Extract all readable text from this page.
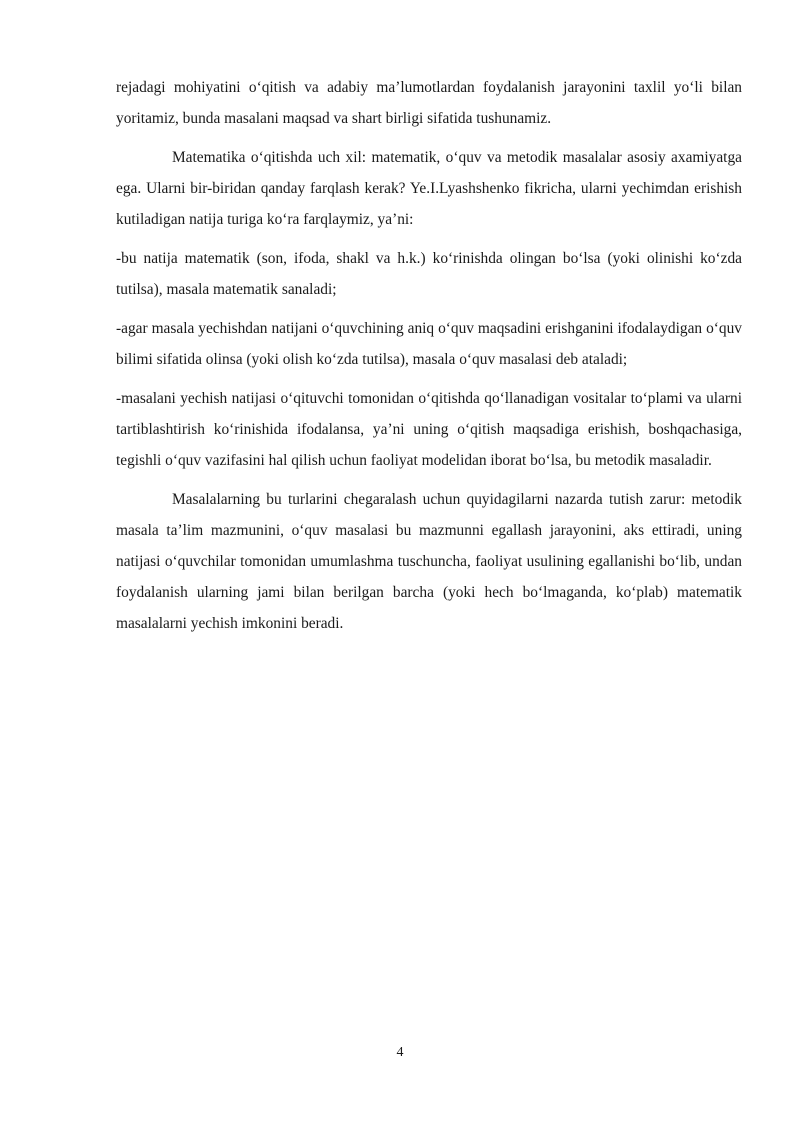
rejadagi mohiyatini oʻqitish va adabiy maʼlumotlardan foydalanish jarayonini taxlil yoʻli bilan yoritamiz, bunda masalani maqsad va shart birligi sifatida tushunamiz.

Matematika oʻqitishda uch xil: matematik, oʻquv va metodik masalalar asosiy axamiyatga ega. Ularni bir-biridan qanday farqlash kerak? Ye.I.Lyashshenko fikricha, ularni yechimdan erishish kutiladigan natija turiga koʻra farqlaymiz, yaʼni:

-bu natija matematik (son, ifoda, shakl va h.k.) koʻrinishda olingan boʻlsa (yoki olinishi koʻzda tutilsa), masala matematik sanaladi;

-agar masala yechishdan natijani oʻquvchining aniq oʻquv maqsadini erishganini ifodalaydigan oʻquv bilimi sifatida olinsa (yoki olish koʻzda tutilsa), masala oʻquv masalasi deb ataladi;

-masalani yechish natijasi oʻqituvchi tomonidan oʻqitishda qoʻllanadigan vositalar toʻplami va ularni tartiblashtirish koʻrinishida ifodalansa, yaʼni uning oʻqitish maqsadiga erishish, boshqachasiga, tegishli oʻquv vazifasini hal qilish uchun faoliyat modelidan iborat boʻlsa, bu metodik masaladir.

Masalalarning bu turlarini chegaralash uchun quyidagilarni nazarda tutish zarur: metodik masala taʼlim mazmunini, oʻquv masalasi bu mazmunni egallash jarayonini, aks ettiradi, uning natijasi oʻquvchilar tomonidan umumlashma tuschuncha, faoliyat usulining egallanishi boʻlib, undan foydalanish ularning jami bilan berilgan barcha (yoki hech boʻlmaganda, koʻplab) matematik masalalarni yechish imkonini beradi.

4
